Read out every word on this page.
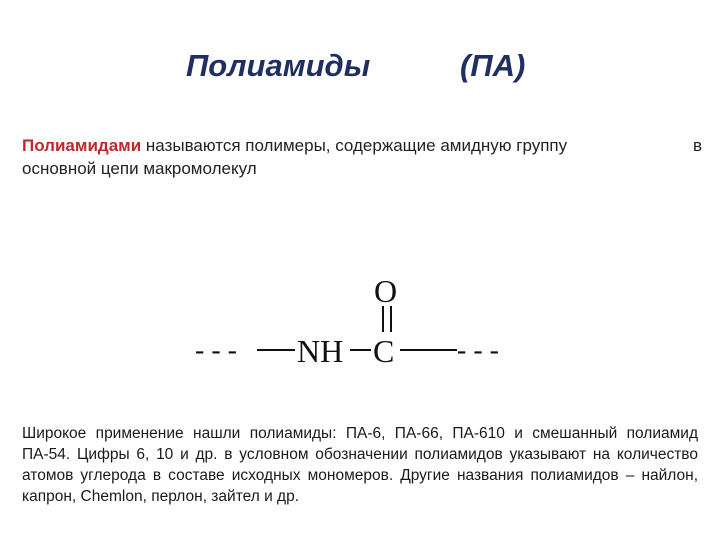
Полиамиды	(ПА)
Полиамидами называются полимеры, содержащие амидную группу	в
основной цепи макромолекул
- - - NH C
O
- - -
Широкое применение нашли полиамиды: ПА-6, ПА-66, ПА-610 и смешанный полиамид ПА-54. Цифры 6, 10 и др. в условном обозначении полиамидов указывают на количество атомов углерода в составе исходных мономеров. Другие названия полиамидов – найлон, капрон, Chemlon, перлон, зайтел и др.
